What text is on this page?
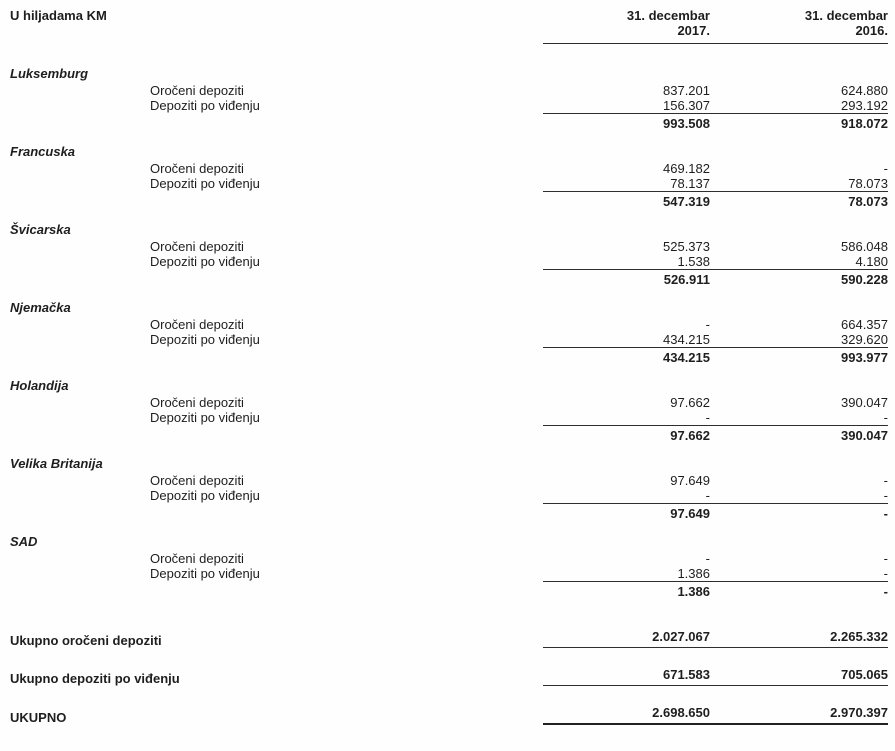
U hiljadama KM	31. decembar
2017.
31. decembar
2016.
Luksemburg
Oročeni depoziti	837.201	624.880
Depoziti po viđenju	156.307	293.192
993.508	918.072
Francuska
Oročeni depoziti	469.182	-
Depoziti po viđenju	78.137	78.073
547.319	78.073
Švicarska
Oročeni depoziti	525.373	586.048
Depoziti po viđenju	1.538	4.180
526.911	590.228
Njemačka
Oročeni depoziti	-	664.357
Depoziti po viđenju	434.215	329.620
434.215	993.977
Holandija
Oročeni depoziti	97.662	390.047
Depoziti po viđenju	-	-
97.662	390.047
Velika Britanija
Oročeni depoziti	97.649	-
Depoziti po viđenju	-	-
97.649	-
SAD
Oročeni depoziti	-	-
Depoziti po viđenju	1.386	-
1.386	-
Ukupno oročeni depoziti	2.027.067	2.265.332
Ukupno depoziti po viđenju	671.583	705.065
UKUPNO	2.698.650	2.970.397
